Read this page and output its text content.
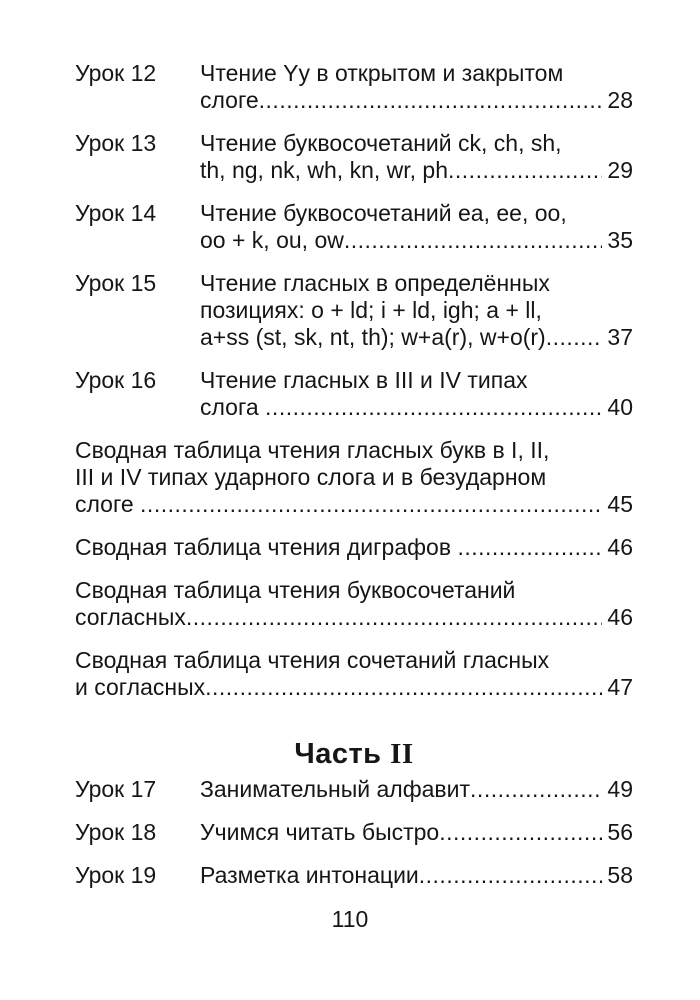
Урок 12	Чтение Yy в открытом и закрытом
слоге .....	28
Урок 13	Чтение буквосочетаний ck, ch, sh,
th, ng, nk, wh, kn, wr, ph .....	29
Урок 14	Чтение буквосочетаний ea, ee, oo,
oo + k, ou, ow .....	35
Урок 15	Чтение гласных в определённых
позициях: o + ld; i + ld, igh; a + ll,
a+ss (st, sk, nt, th); w+a(r), w+o(r) .....	37
Урок 16	Чтение гласных в III и IV типах
слога .....	40
Сводная таблица чтения гласных букв в I, II,
III и IV типах ударного слога и в безударном
слоге .....	45
Сводная таблица чтения диграфов .....	46
Сводная таблица чтения буквосочетаний
согласных .....	46
Сводная таблица чтения сочетаний гласных
и согласных .....	47
Часть II
Урок 17	Занимательный алфавит .....	49
Урок 18	Учимся читать быстро .....	56
Урок 19	Разметка интонации .....	58
110
